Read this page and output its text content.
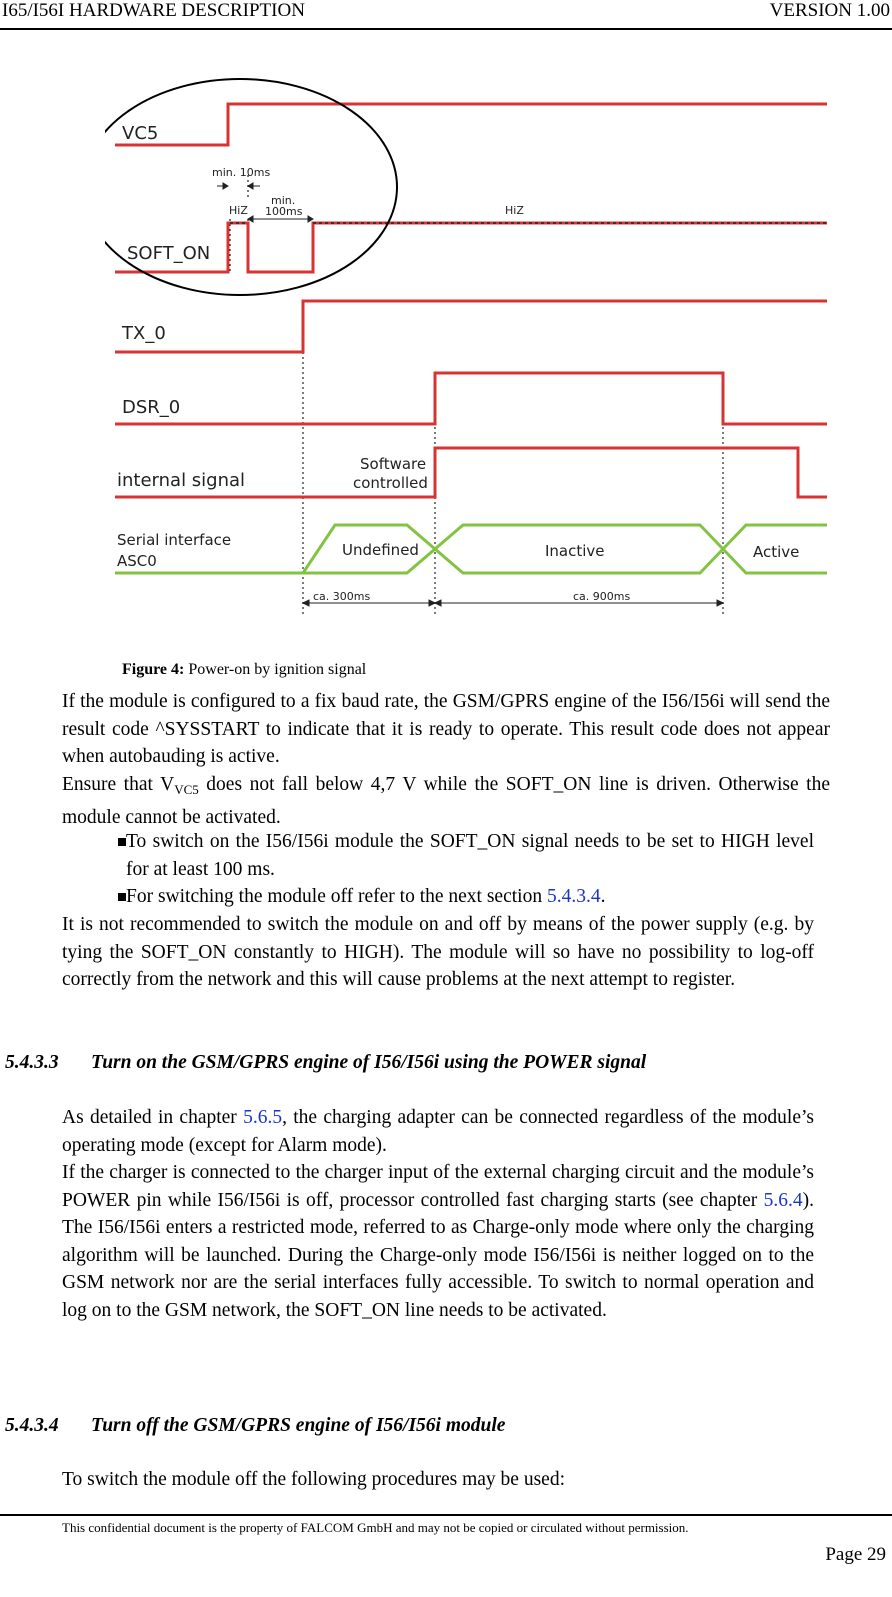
I65/I56I HARDWARE DESCRIPTION	VERSION 1.00
VC5
SOFT_ON
TX_0
DSR_0
internal signal
Serial interface
ASC0
min. 10ms
HiZ
min.
100ms	HiZ
Software
controlled
Undefined	Inactive	Active
ca. 300ms	ca. 900ms
Figure 4: Power-on by ignition signal
If the module is configured to a fix baud rate, the GSM/GPRS engine of the I56/I56i will send the result code ^SYSSTART to indicate that it is ready to operate. This result code does not appear when autobauding is active.
Ensure that $V_{VC5}$ does not fall below 4,7 V while the SOFT_ON line is driven. Otherwise the module cannot be activated.
To switch on the I56/I56i module the SOFT_ON signal needs to be set to HIGH level for at least 100 ms.
For switching the module off refer to the next section 5.4.3.4.
It is not recommended to switch the module on and off by means of the power supply (e.g. by tying the SOFT_ON constantly to HIGH). The module will so have no possibility to log-off correctly from the network and this will cause problems at the next attempt to register.
5.4.3.3 Turn on the GSM/GPRS engine of I56/I56i using the POWER signal
As detailed in chapter 5.6.5, the charging adapter can be connected regardless of the module’s operating mode (except for Alarm mode).
If the charger is connected to the charger input of the external charging circuit and the module’s POWER pin while I56/I56i is off, processor controlled fast charging starts (see chapter 5.6.4). The I56/I56i enters a restricted mode, referred to as Charge-only mode where only the charging algorithm will be launched. During the Charge-only mode I56/I56i is neither logged on to the GSM network nor are the serial interfaces fully accessible. To switch to normal operation and log on to the GSM network, the SOFT_ON line needs to be activated.
5.4.3.4 Turn off the GSM/GPRS engine of I56/I56i module
To switch the module off the following procedures may be used:
This confidential document is the property of FALCOM GmbH and may not be copied or circulated without permission.
Page 29
